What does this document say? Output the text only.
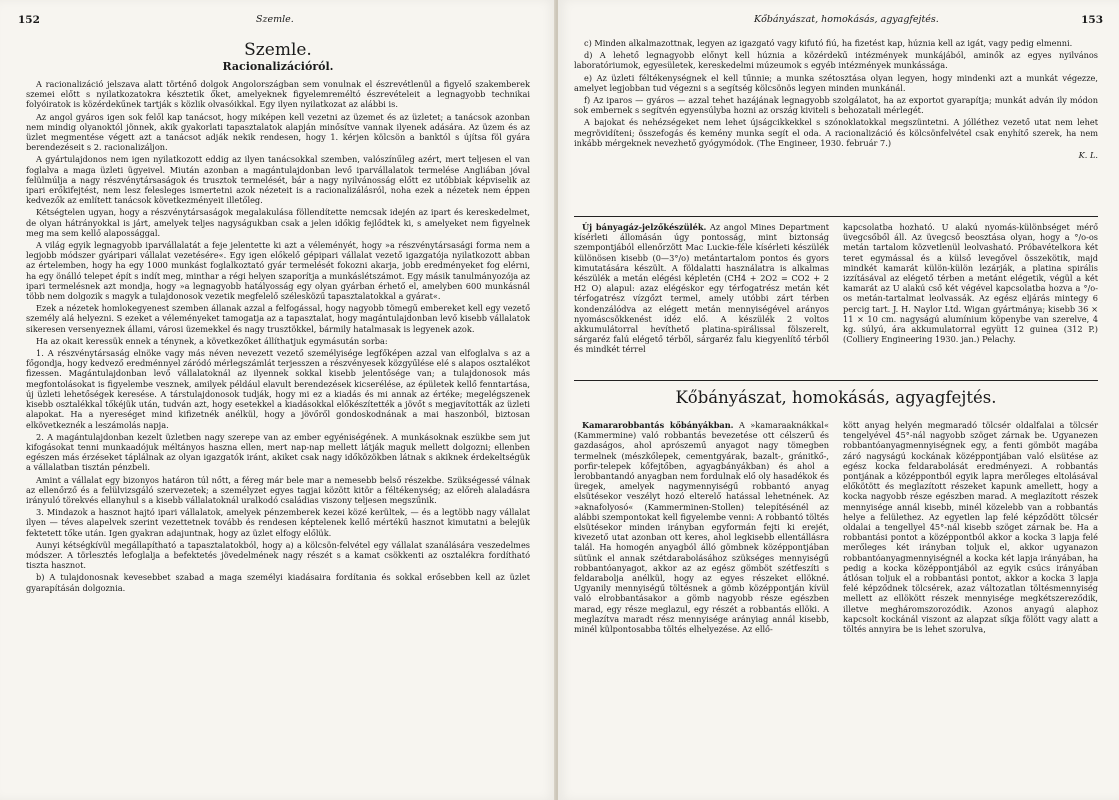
152	Szemle.
Szemle.
Racionalizációról.

A racionalizáció jelszava alatt történő dolgok Angolországban sem vonulnak el észrevétlenül a figyelő szakemberek szemei előtt s nyilatkozatokra késztetik őket, amelyeknek figyelemreméltó észrevételeit a legnagyobb technikai folyóiratok is közérdekűnek tartják s közlik olvasóikkal. Egy ilyen nyilatkozat az alábbi is.

Az angol gyáros igen sok felől kap tanácsot, hogy miképen kell vezetni az üzemet és az üzletet; a tanácsok azonban nem mindig olyanoktól jönnek, akik gyakorlati tapasztalatok alapján minősítve vannak ilyenek adására. Az üzem és az üzlet megmentése végett azt a tanácsot adják nekik rendesen, hogy 1. kérjen kölcsön a banktól s újítsa föl gyára berendezéseit s 2. racionalizáljon.

A gyártulajdonos nem igen nyilatkozott eddig az ilyen tanácsokkal szemben, valószínűleg azért, mert teljesen el van foglalva a maga üzleti ügyeivel. Miután azonban a magántulajdonban levő iparvállalatok termelése Angliában jóval felülmúlja a nagy részvénytársaságok és trusztok termelését, bár a nagy nyilvánosság előtt ez utóbbiak képviselik az ipari erőkifejtést, nem lesz felesleges ismertetni azok nézeteit is a racionalizálásról, noha ezek a nézetek nem éppen kedvezők az említett tanácsok következményeit illetőleg.

Kétségtelen ugyan, hogy a részvénytársaságok megalakulása föllendítette nemcsak idején az ipart és kereskedelmet, de olyan hátrányokkal is járt, amelyek teljes nagyságukban csak a jelen időkig fejlődtek ki, s amelyeket nem figyelnek meg ma sem kellő alapossággal.

A világ egyik legnagyobb iparvállalatát a feje jelentette ki azt a véleményét, hogy »a részvénytársasági forma nem a legjobb módszer gyáripari vállalat vezetésére«. Egy igen előkelő gépipari vállalat vezető igazgatója nyilatkozott abban az értelemben, hogy ha egy 1000 munkást foglalkoztató gyár termelését fokozni akarja, jobb eredményeket fog elérni, ha egy önálló telepet épít s indít meg, minthar a régi helyen szaporítja a munkáslétszámot. Egy másik tanulmányozója az ipari termelésnek azt mondja, hogy »a legnagyobb hatályosság egy olyan gyárban érhető el, amelyben 600 munkásnál több nem dolgozik s magyk a tulajdonosok vezetik megfelelő szélesközű tapasztalatokkal a gyárat«.

Ezek a nézetek homlokegyenest szemben állanak azzal a felfogással, hogy nagyobb tömegű embereket kell egy vezető személy alá helyezni. S ezeket a véleményeket tamogatja az a tapasztalat, hogy magántulajdonban levő kisebb vállalatok sikeresen versenyeznek állami, városi üzemekkel és nagy trusztökkel, bármily hatalmasak is legyenek azok.

Ha az okait keressük ennek a ténynek, a következőket állíthatjuk egymásután sorba:

1. A részvénytársaság elnöke vagy más néven nevezett vezető személyisége legfőképen azzal van elfoglalva s az a főgondja, hogy kedvező eredménnyel záródó mérlegszámlát terjesszen a részvényesek közgyűlése elé s alapos osztalékot fizessen. Magántulajdonban levő vállalatoknál az ilyennek sokkal kisebb jelentősége van; a tulajdonosok más megfontolásokat is figyelembe vesznek, amilyek például elavult berendezések kicserélése, az épületek kellő fenntartása, új üzleti lehetőségek keresése. A társtulajdonosok tudják, hogy mi ez a kiadás és mi annak az értéke; megelégszenek kisebb osztalékkal tőkéjük után, tudván azt, hogy esetekkel a kiadásokkal előkészítették a jövőt s megjavították az üzleti alapokat. Ha a nyereséget mind kifizetnék anélkül, hogy a jövőről gondoskodnának a mai haszonból, biztosan elkövetkeznék a leszámolás napja.

2. A magántulajdonban kezelt üzletben nagy szerepe van az ember egyéniségének. A munkásoknak eszükbe sem jut kifogásokat tenni munkaadójuk méltányos haszna ellen, mert nap-nap mellett látják maguk mellett dolgozni; ellenben egészen más érzéseket táplálnak az olyan igazgatók iránt, akiket csak nagy időközökben látnak s akiknek érdekeltségük a vállalatban tisztán pénzbeli.

Amint a vállalat egy bizonyos határon túl nőtt, a féreg már bele mar a nemesebb belső részekbe. Szükségessé válnak az ellenőrző és a felülvizsgáló szervezetek; a személyzet egyes tagjai között kitör a féltékenység; az előreh alaladásra irányuló törekvés ellanyhul s a kisebb vállalatoknál uralkodó családias viszony teljesen megszűnik.

3. Mindazok a hasznot hajtó ipari vállalatok, amelyek pénzemberek kezei közé kerültek, — és a legtöbb nagy vállalat ilyen — téves alapelvek szerint vezettetnek tovább és rendesen képtelenek kellő mértékű hasznot kimutatni a belejük fektetett tőke után. Igen gyakran adajuntnak, hogy az üzlet elfogy előlük.

Aunyi kétségkívül megállapítható a tapasztalatokból, hogy a) a kölcsön-felvétel egy vállalat szanálására veszedelmes módszer. A törlesztés lefoglalja a befektetés jövedelmének nagy részét s a kamat csökkenti az osztalékra fordítható tiszta hasznot.

b) A tulajdonosnak kevesebbet szabad a maga személyi kiadásaira fordítania és sokkal erősebben kell az üzlet gyarapításán dolgoznia.

Kőbányászat, homokásás, agyagfejtés.	153

c) Minden alkalmazottnak, legyen az igazgató vagy kifutó fiú, ha fizetést kap, húznia kell az igát, vagy pedig elmenni.

d) A lehető legnagyobb előnyt kell húznia a közérdekű intézmények munkájából, aminők az egyes nyilvános laboratóriumok, egyesületek, kereskedelmi múzeumok s egyéb intézmények munkássága.

e) Az üzleti féltékenységnek el kell tűnnie; a munka szétosztása olyan legyen, hogy mindenki azt a munkát végezze, amelyet legjobban tud végezni s a segítség kölcsönös legyen minden munkánál.

f) Az iparos — gyáros — azzal tehet hazájának legnagyobb szolgálatot, ha az exportot gyarapítja; munkát adván ily módon sok embernek s segítvén egyensúlyba hozni az ország kiviteli s behozatali mérlegét.

A bajokat és nehézségeket nem lehet újságcikkekkel s szónoklatokkal megszüntetni. A jólléthez vezető utat nem lehet megrövidíteni; összefogás és kemény munka segít el oda. A racionalizáció és kölcsönfelvétel csak enyhítő szerek, ha nem inkább mérgeknek nevezhető gyógymódok. (The Engineer, 1930. február 7.)

K. L.

Új bányagáz-jelzőkészülék. Az angol Mines Department kísérleti állomásán úgy pontosság, mint biztonság szempontjából ellenőrzött Mac Luckie-féle kísérleti készülék különösen kisebb (0—3°/o) metántartalom pontos és gyors kimutatására készült. A földalatti használatra is alkalmas készülék a metán elégési képletén (CH4 + 2O2 = CO2 + 2 H2 O) alapul: azaz elégéskor egy térfogatrész metán két térfogatrész vízgőzt termel, amely utóbbi zárt térben kondenzálódva az elégett metán mennyiségével arányos nyomáscsökkenést idéz elő. A készülék 2 voltos akkumulátorral hevíthető platina-spirálissal fölszerelt, sárgaréz falú elégető térből, sárgaréz falu kiegyenlítő térből és mindkét térrel

kapcsolatba hozható. U alakú nyomás-különbséget mérő üvegcsőből áll. Az üvegcső beosztása olyan, hogy a °/o-os metán tartalom közvetlenül leolvasható. Próbavételkora két teret egymással és a külső levegővel összekötik, majd mindkét kamarát külön-külön lezárják, a platina spirális izzításával az elégető térben a metánt elégetik, végül a két kamarát az U alakú cső két végével kapcsolatba hozva a °/o-os metán-tartalmat leolvassák. Az egész eljárás mintegy 6 percig tart. J. H. Naylor Ltd. Wigan gyártmánya; kisebb 36 × 11 × 10 cm. nagyságú alumínium köpenybe van szerelve, 4 kg. súlyú, ára akkumulatorral együtt 12 guinea (312 P.) (Colliery Engineering 1930. jan.) Pelachy.

Kőbányászat, homokásás, agyagfejtés.

Kamararobbantás kőbányákban. A »kamaraaknákkal« (Kammermine) való robbantás bevezetése ott célszerű és gazdaságos, ahol aprószemű anyagot nagy tömegben termelnek (mészkőlepek, cementgyárak, bazalt-, gránitkő-, porfir-telepek kőfejtőben, agyagbányákban) és ahol a lerobbantandó anyagban nem fordulnak elő oly hasadékok és üregek, amelyek nagymennyiségű robbantó anyag elsütésekor veszélyt hozó elterelő hatással lehetnének. Az »aknafolyosó« (Kammerminen-Stollen) telepítésénél az alábbi szempontokat kell figyelembe venni: A robbantó töltés elsütésekor minden irányban egyformán fejti ki erejét, kivezető utat azonban ott keres, ahol legkisebb ellentállásra talál. Ha homogén anyagból álló gömbnek középpontjában sütünk el annak szétdarabolásához szükséges mennyiségű robbantóanyagot, akkor az az egész gömböt szétfeszíti s feldarabolja anélkül, hogy az egyes részeket ellökné. Ugyanily mennyiségű töltésnek a gömb középpontján kívül való elrobbantásakor a gömb nagyobb része egészben marad, egy része meglazul, egy részét a robbantás ellöki. A meglazítva maradt rész mennyisége arányiag annál kisebb, minél külpontosabba töltés elhelyezése. Az ellő-

kött anyag helyén megmaradó tölcsér oldalfalai a tölcsér tengelyével 45°-nál nagyobb szöget zárnak be. Ugyanezen robbantóanyagmennyiségnek egy, a fenti gömböt magába záró nagyságú kockának középpontjában való elsütése az egész kocka feldarabolását eredményezi. A robbantás pontjának a középpontból egyik lapra merőleges eltolásával előkötött és meglazított részeket kapunk amellett, hogy a kocka nagyobb része egészben marad. A meglazított részek mennyisége annál kisebb, minél közelebb van a robbantás helye a felülethez. Az egyetlen lap felé képződött tölcsér oldalai a tengellyel 45°-nál kisebb szöget zárnak be. Ha a robbantási pontot a középpontból akkor a kocka 3 lapja felé merőleges két irányban toljuk el, akkor ugyanazon robbantóanyagmennyiségnél a kocka két lapja irányában, ha pedig a kocka középpontjából az egyik csúcs irányában átlósan toljuk el a robbantási pontot, akkor a kocka 3 lapja felé képződnek tölcsérek, azaz változatlan töltésmennyiség mellett az ellökött részek mennyisége megkétszereződik, illetve megháromszorozódik. Azonos anyagú alaphoz kapcsolt kockánál viszont az alapzat síkja fölött vagy alatt a töltés annyira be is lehet szorulva,
